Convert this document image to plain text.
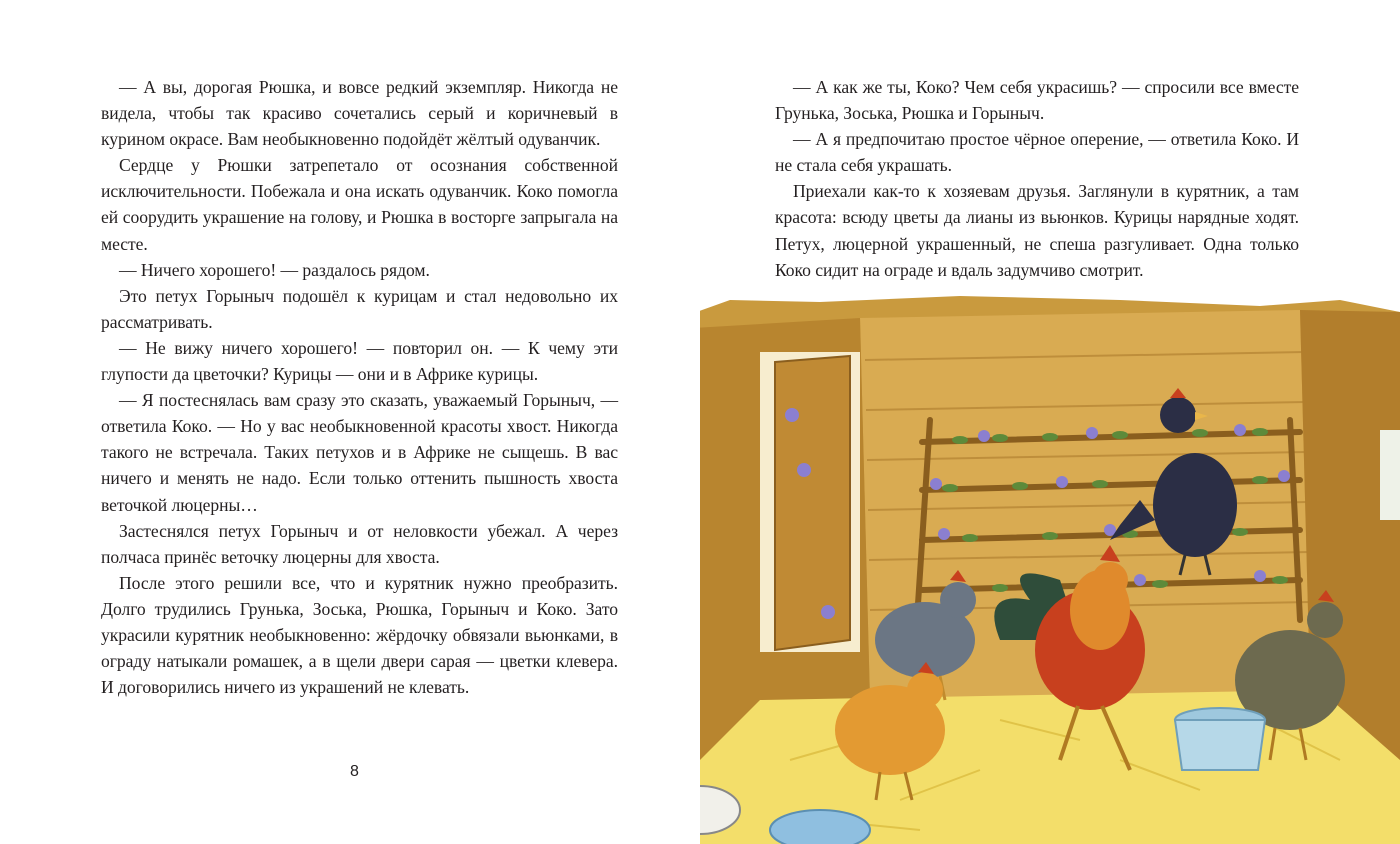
— А вы, дорогая Рюшка, и вовсе редкий экземпляр. Никогда не видела, чтобы так красиво сочетались серый и коричневый в курином окрасе. Вам необыкновенно подойдёт жёлтый одуванчик.

Сердце у Рюшки затрепетало от осознания собственной исключительности. Побежала и она искать одуванчик. Коко помогла ей соорудить украшение на голову, и Рюшка в восторге запрыгала на месте.

— Ничего хорошего! — раздалось рядом.

Это петух Горыныч подошёл к курицам и стал недовольно их рассматривать.

— Не вижу ничего хорошего! — повторил он. — К чему эти глупости да цветочки? Курицы — они и в Африке курицы.

— Я постеснялась вам сразу это сказать, уважаемый Горыныч, — ответила Коко. — Но у вас необыкновенной красоты хвост. Никогда такого не встречала. Таких петухов и в Африке не сыщешь. В вас ничего и менять не надо. Если только оттенить пышность хвоста веточкой люцерны…

Застеснялся петух Горыныч и от неловкости убежал. А через полчаса принёс веточку люцерны для хвоста.

После этого решили все, что и курятник нужно преобразить. Долго трудились Грунька, Зоська, Рюшка, Горыныч и Коко. Зато украсили курятник необыкновенно: жёрдочку обвязали вьюнками, в ограду натыкали ромашек, а в щели двери сарая — цветки клевера. И договорились ничего из украшений не клевать.

8

— А как же ты, Коко? Чем себя украсишь? — спросили все вместе Грунька, Зоська, Рюшка и Горыныч.

— А я предпочитаю простое чёрное оперение, — ответила Коко. И не стала себя украшать.

Приехали как-то к хозяевам друзья. Заглянули в курятник, а там красота: всюду цветы да лианы из вьюнков. Курицы нарядные ходят. Петух, люцерной украшенный, не спеша разгуливает. Одна только Коко сидит на ограде и вдаль задумчиво смотрит.
